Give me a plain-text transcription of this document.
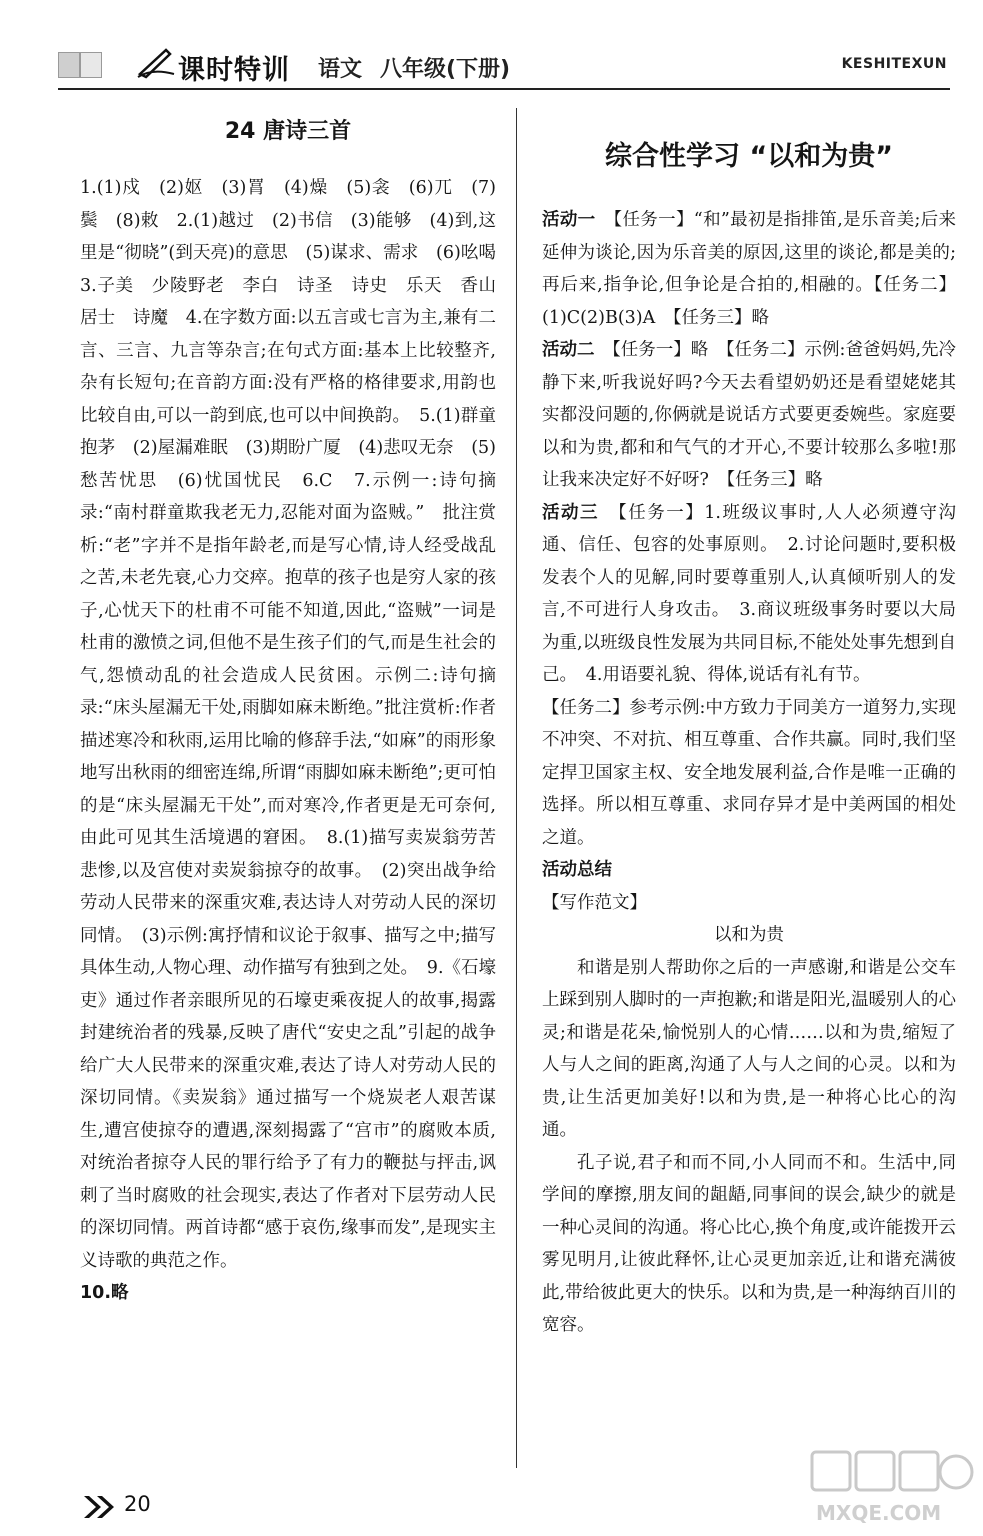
课时特训 语文 八年级(下册)	KESHITEXUN

24 唐诗三首

1.(1)戍　(2)妪　(3)罥　(4)燥　(5)衾　(6)兀　(7)鬓　(8)敕　2.(1)越过　(2)书信　(3)能够　(4)到,这里是“彻晓”(到天亮)的意思　(5)谋求、需求　(6)吆喝　3.子美　少陵野老　李白　诗圣　诗史　乐天　香山居士　诗魔　4.在字数方面:以五言或七言为主,兼有二言、三言、九言等杂言;在句式方面:基本上比较整齐,杂有长短句;在音韵方面:没有严格的格律要求,用韵也比较自由,可以一韵到底,也可以中间换韵。　5.(1)群童抱茅　(2)屋漏难眠　(3)期盼广厦　(4)悲叹无奈　(5)愁苦忧思　(6)忧国忧民　6.C　7.示例一:诗句摘录:“南村群童欺我老无力,忍能对面为盗贼。”　批注赏析:“老”字并不是指年龄老,而是写心情,诗人经受战乱之苦,未老先衰,心力交瘁。抱草的孩子也是穷人家的孩子,心忧天下的杜甫不可能不知道,因此,“盗贼”一词是杜甫的激愤之词,但他不是生孩子们的气,而是生社会的气,怨愤动乱的社会造成人民贫困。示例二:诗句摘录:“床头屋漏无干处,雨脚如麻未断绝。”批注赏析:作者描述寒冷和秋雨,运用比喻的修辞手法,“如麻”的雨形象地写出秋雨的细密连绵,所谓“雨脚如麻未断绝”;更可怕的是“床头屋漏无干处”,而对寒冷,作者更是无可奈何,由此可见其生活境遇的窘困。　8.(1)描写卖炭翁劳苦悲惨,以及宫使对卖炭翁掠夺的故事。　(2)突出战争给劳动人民带来的深重灾难,表达诗人对劳动人民的深切同情。　(3)示例:寓抒情和议论于叙事、描写之中;描写具体生动,人物心理、动作描写有独到之处。　9.《石壕吏》通过作者亲眼所见的石壕吏乘夜捉人的故事,揭露封建统治者的残暴,反映了唐代“安史之乱”引起的战争给广大人民带来的深重灾难,表达了诗人对劳动人民的深切同情。《卖炭翁》通过描写一个烧炭老人艰苦谋生,遭宫使掠夺的遭遇,深刻揭露了“宫市”的腐败本质,对统治者掠夺人民的罪行给予了有力的鞭挞与抨击,讽刺了当时腐败的社会现实,表达了作者对下层劳动人民的深切同情。两首诗都“感于哀伤,缘事而发”,是现实主义诗歌的典范之作。

10.略

综合性学习 “以和为贵”

活动一　 【任务一】“和”最初是指排笛,是乐音美;后来延伸为谈论,因为乐音美的原因,这里的谈论,都是美的;再后来,指争论,但争论是合拍的,相融的。【任务二】(1)C(2)B(3)A　【任务三】略

活动二　 【任务一】略　【任务二】示例:爸爸妈妈,先冷静下来,听我说好吗?今天去看望奶奶还是看望姥姥其实都没问题的,你俩就是说话方式要更委婉些。家庭要以和为贵,都和和气气的才开心,不要计较那么多啦!那让我来决定好不好呀?　【任务三】略

活动三　 【任务一】1.班级议事时,人人必须遵守沟通、信任、包容的处事原则。　2.讨论问题时,要积极发表个人的见解,同时要尊重别人,认真倾听别人的发言,不可进行人身攻击。　3.商议班级事务时要以大局为重,以班级良性发展为共同目标,不能处处事先想到自己。　4.用语要礼貌、得体,说话有礼有节。

【任务二】参考示例:中方致力于同美方一道努力,实现不冲突、不对抗、相互尊重、合作共赢。同时,我们坚定捍卫国家主权、安全地发展利益,合作是唯一正确的选择。所以相互尊重、求同存异才是中美两国的相处之道。

活动总结

【写作范文】

以和为贵

和谐是别人帮助你之后的一声感谢,和谐是公交车上踩到别人脚时的一声抱歉;和谐是阳光,温暖别人的心灵;和谐是花朵,愉悦别人的心情……以和为贵,缩短了人与人之间的距离,沟通了人与人之间的心灵。以和为贵,让生活更加美好!以和为贵,是一种将心比心的沟通。

孔子说,君子和而不同,小人同而不和。生活中,同学间的摩擦,朋友间的龃龉,同事间的误会,缺少的就是一种心灵间的沟通。将心比心,换个角度,或许能拨开云雾见明月,让彼此释怀,让心灵更加亲近,让和谐充满彼此,带给彼此更大的快乐。以和为贵,是一种海纳百川的宽容。

20	MXQE.COM
